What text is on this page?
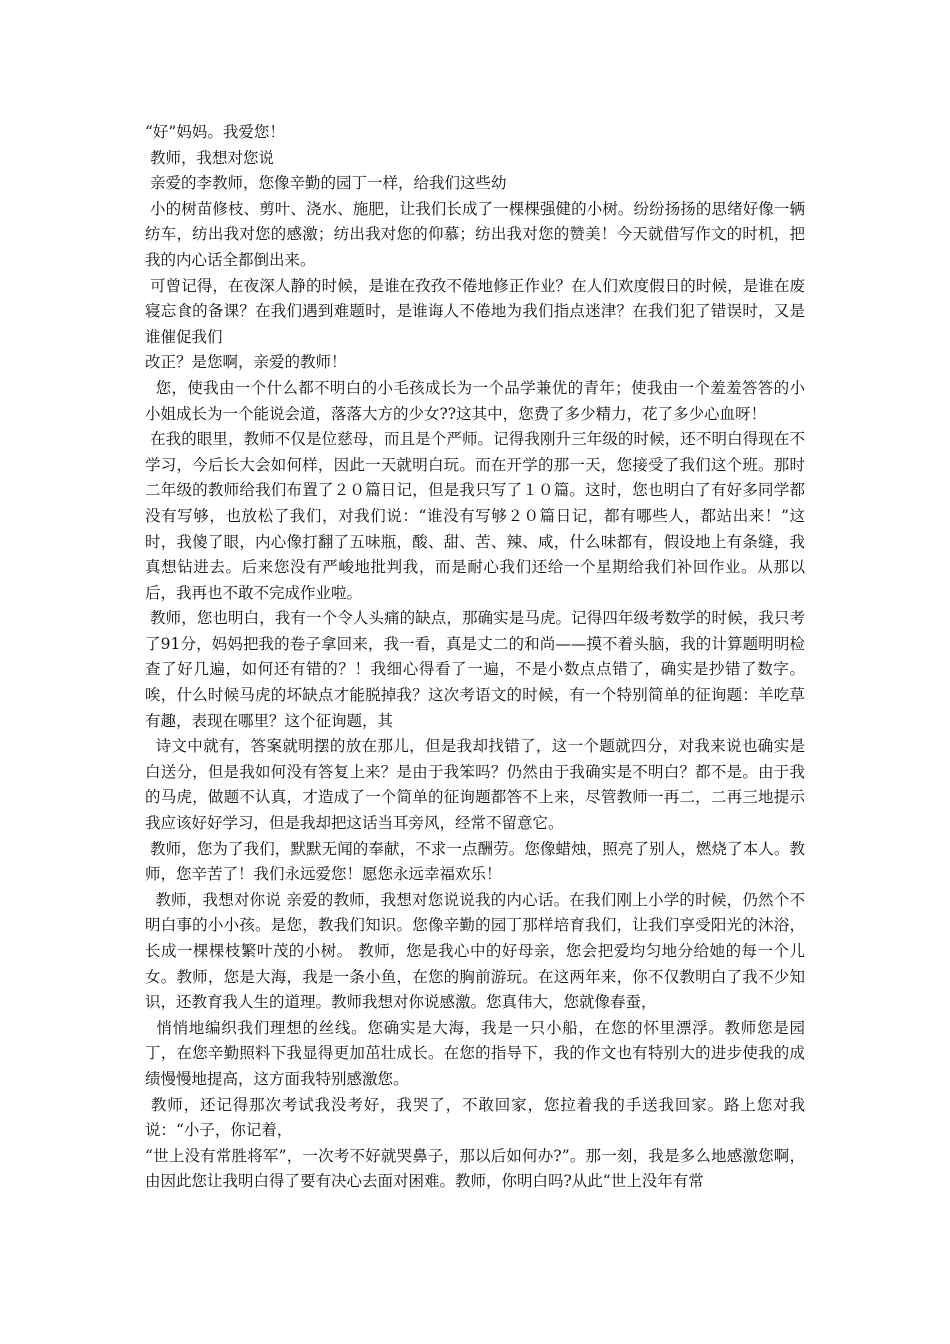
“好”妈妈。我爱您！

教师，我想对您说

亲爱的李教师，您像辛勤的园丁一样，给我们这些幼

小的树苗修枝、剪叶、浇水、施肥，让我们长成了一棵棵强健的小树。纷纷扬扬的思绪好像一辆纺车，纺出我对您的感激；纺出我对您的仰慕；纺出我对您的赞美！今天就借写作文的时机，把我的内心话全都倒出来。

可曾记得，在夜深人静的时候，是谁在孜孜不倦地修正作业？在人们欢度假日的时候，是谁在废寝忘食的备课？在我们遇到难题时，是谁诲人不倦地为我们指点迷津？在我们犯了错误时，又是谁催促我们

改正？是您啊，亲爱的教师！

您，使我由一个什么都不明白的小毛孩成长为一个品学兼优的青年；使我由一个羞羞答答的小小姐成长为一个能说会道，落落大方的少女??这其中，您费了多少精力，花了多少心血呀！

在我的眼里，教师不仅是位慈母，而且是个严师。记得我刚升三年级的时候，还不明白得现在不学习，今后长大会如何样，因此一天就明白玩。而在开学的那一天，您接受了我们这个班。那时二年级的教师给我们布置了２０篇日记，但是我只写了１０篇。这时，您也明白了有好多同学都没有写够，也放松了我们，对我们说：“谁没有写够２０篇日记，都有哪些人，都站出来！”这时，我傻了眼，内心像打翻了五味瓶，酸、甜、苦、辣、咸，什么味都有，假设地上有条缝，我真想钻进去。后来您没有严峻地批判我，而是耐心我们还给一个星期给我们补回作业。从那以后，我再也不敢不完成作业啦。

教师，您也明白，我有一个令人头痛的缺点，那确实是马虎。记得四年级考数学的时候，我只考了91分，妈妈把我的卷子拿回来，我一看，真是丈二的和尚——摸不着头脑，我的计算题明明检查了好几遍，如何还有错的？！我细心得看了一遍，不是小数点点错了，确实是抄错了数字。唉，什么时候马虎的坏缺点才能脱掉我？这次考语文的时候，有一个特别简单的征询题：羊吃草有趣，表现在哪里？这个征询题，其

诗文中就有，答案就明摆的放在那儿，但是我却找错了，这一个题就四分，对我来说也确实是白送分，但是我如何没有答复上来？是由于我笨吗？仍然由于我确实是不明白？都不是。由于我的马虎，做题不认真，才造成了一个简单的征询题都答不上来，尽管教师一再二，二再三地提示我应该好好学习，但是我却把这话当耳旁风，经常不留意它。

教师，您为了我们，默默无闻的奉献，不求一点酬劳。您像蜡烛，照亮了别人，燃烧了本人。教师，您辛苦了！我们永远爱您！愿您永远幸福欢乐！

教师，我想对你说 亲爱的教师，我想对您说说我的内心话。在我们刚上小学的时候，仍然个不明白事的小小孩。是您，教我们知识。您像辛勤的园丁那样培育我们，让我们享受阳光的沐浴，长成一棵棵枝繁叶茂的小树。 教师，您是我心中的好母亲，您会把爱均匀地分给她的每一个儿女。教师，您是大海，我是一条小鱼，在您的胸前游玩。在这两年来，你不仅教明白了我不少知识，还教育我人生的道理。教师我想对你说感激。您真伟大，您就像春蚕，

悄悄地编织我们理想的丝线。您确实是大海，我是一只小船，在您的怀里漂浮。教师您是园丁，在您辛勤照料下我显得更加茁壮成长。在您的指导下，我的作文也有特别大的进步使我的成绩慢慢地提高，这方面我特别感激您。

教师，还记得那次考试我没考好，我哭了，不敢回家，您拉着我的手送我回家。路上您对我说：“小子，你记着，

“世上没有常胜将军”，一次考不好就哭鼻子，那以后如何办?”。那一刻，我是多么地感激您啊，由因此您让我明白得了要有决心去面对困难。教师，你明白吗?从此“世上没年有常
